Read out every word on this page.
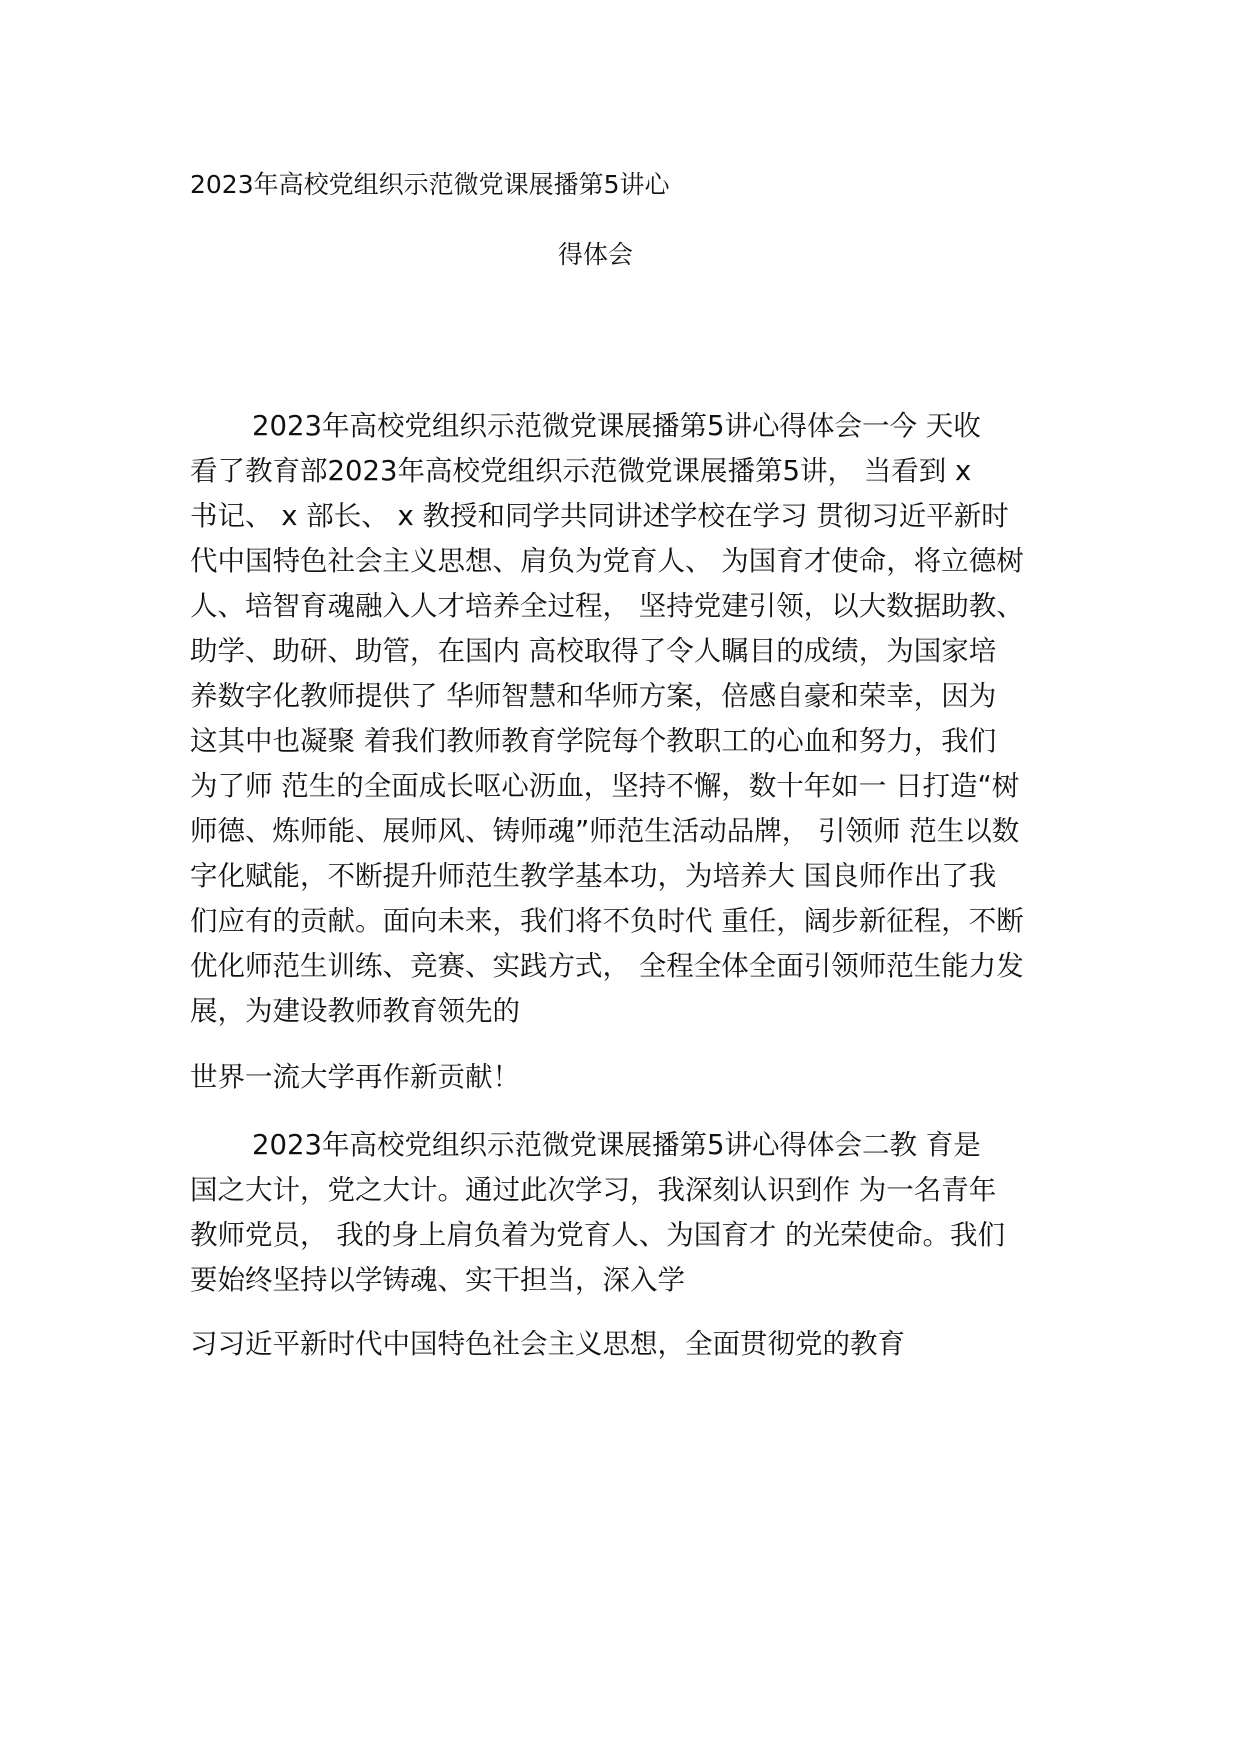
2023年高校党组织示范微党课展播第5讲心
得体会
2023年高校党组织示范微党课展播第5讲心得体会一今 天收
看了教育部2023年高校党组织示范微党课展播第5讲， 当看到 x
书记、 x 部长、 x 教授和同学共同讲述学校在学习 贯彻习近平新时
代中国特色社会主义思想、肩负为党育人、 为国育才使命，将立德树
人、培智育魂融入人才培养全过程， 坚持党建引领，以大数据助教、
助学、助研、助管，在国内 高校取得了令人瞩目的成绩，为国家培
养数字化教师提供了 华师智慧和华师方案，倍感自豪和荣幸，因为
这其中也凝聚 着我们教师教育学院每个教职工的心血和努力，我们
为了师 范生的全面成长呕心沥血，坚持不懈，数十年如一 日打造“树
师德、炼师能、展师风、铸师魂”师范生活动品牌， 引领师 范生以数
字化赋能，不断提升师范生教学基本功，为培养大 国良师作出了我
们应有的贡献。面向未来，我们将不负时代 重任，阔步新征程，不断
优化师范生训练、竞赛、实践方式， 全程全体全面引领师范生能力发
展，为建设教师教育领先的
世界一流大学再作新贡献！
2023年高校党组织示范微党课展播第5讲心得体会二教 育是
国之大计，党之大计。通过此次学习，我深刻认识到作 为一名青年
教师党员， 我的身上肩负着为党育人、为国育才 的光荣使命。我们
要始终坚持以学铸魂、实干担当，深入学
习习近平新时代中国特色社会主义思想，全面贯彻党的教育
